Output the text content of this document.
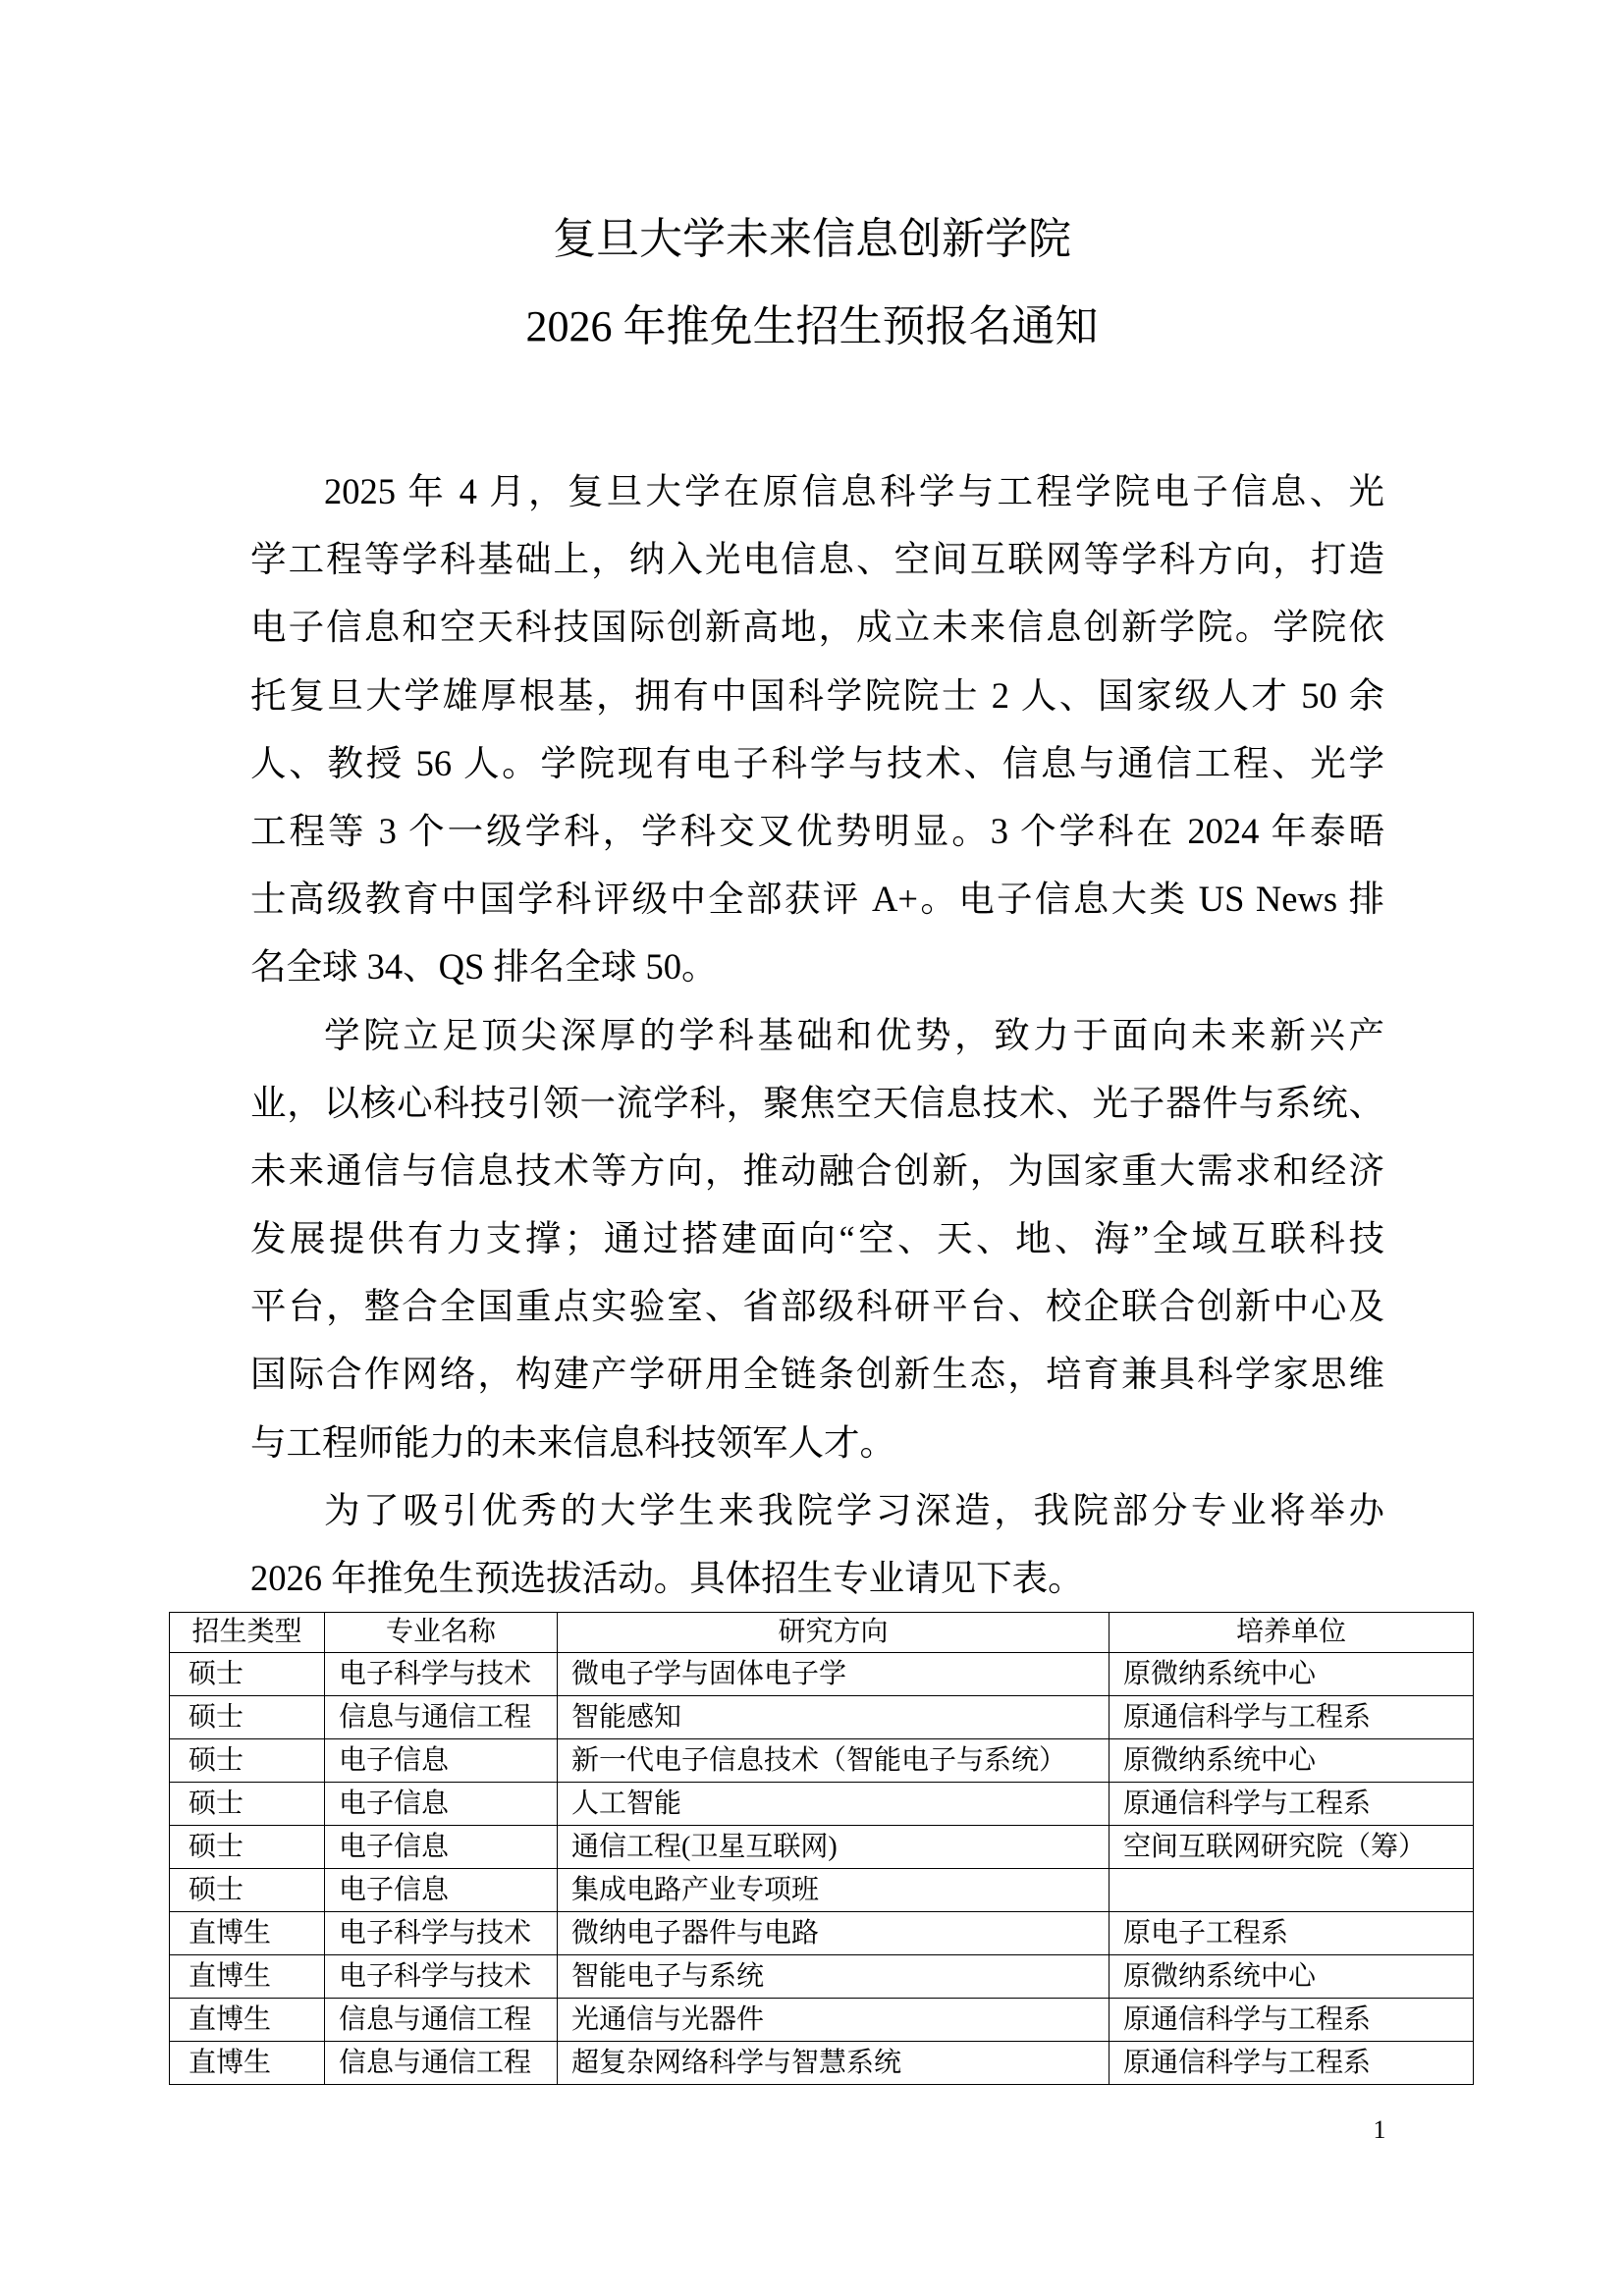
复旦大学未来信息创新学院
2026 年推免生招生预报名通知
2025 年 4 月，复旦大学在原信息科学与工程学院电子信息、光
学工程等学科基础上，纳入光电信息、空间互联网等学科方向，打造
电子信息和空天科技国际创新高地，成立未来信息创新学院。学院依
托复旦大学雄厚根基，拥有中国科学院院士 2 人、国家级人才 50 余
人、教授 56 人。学院现有电子科学与技术、信息与通信工程、光学
工程等 3 个一级学科，学科交叉优势明显。3 个学科在 2024 年泰晤
士高级教育中国学科评级中全部获评 A+。电子信息大类 US News 排
名全球 34、QS 排名全球 50。
学院立足顶尖深厚的学科基础和优势，致力于面向未来新兴产
业，以核心科技引领一流学科，聚焦空天信息技术、光子器件与系统、
未来通信与信息技术等方向，推动融合创新，为国家重大需求和经济
发展提供有力支撑；通过搭建面向“空、天、地、海”全域互联科技
平台，整合全国重点实验室、省部级科研平台、校企联合创新中心及
国际合作网络，构建产学研用全链条创新生态，培育兼具科学家思维
与工程师能力的未来信息科技领军人才。
为了吸引优秀的大学生来我院学习深造，我院部分专业将举办
2026 年推免生预选拔活动。具体招生专业请见下表。
招生类型	专业名称	研究方向	培养单位
硕士	电子科学与技术	微电子学与固体电子学	原微纳系统中心
硕士	信息与通信工程	智能感知	原通信科学与工程系
硕士	电子信息	新一代电子信息技术（智能电子与系统）	原微纳系统中心
硕士	电子信息	人工智能	原通信科学与工程系
硕士	电子信息	通信工程(卫星互联网)	空间互联网研究院（筹）
硕士	电子信息	集成电路产业专项班	
直博生	电子科学与技术	微纳电子器件与电路	原电子工程系
直博生	电子科学与技术	智能电子与系统	原微纳系统中心
直博生	信息与通信工程	光通信与光器件	原通信科学与工程系
直博生	信息与通信工程	超复杂网络科学与智慧系统	原通信科学与工程系
1
